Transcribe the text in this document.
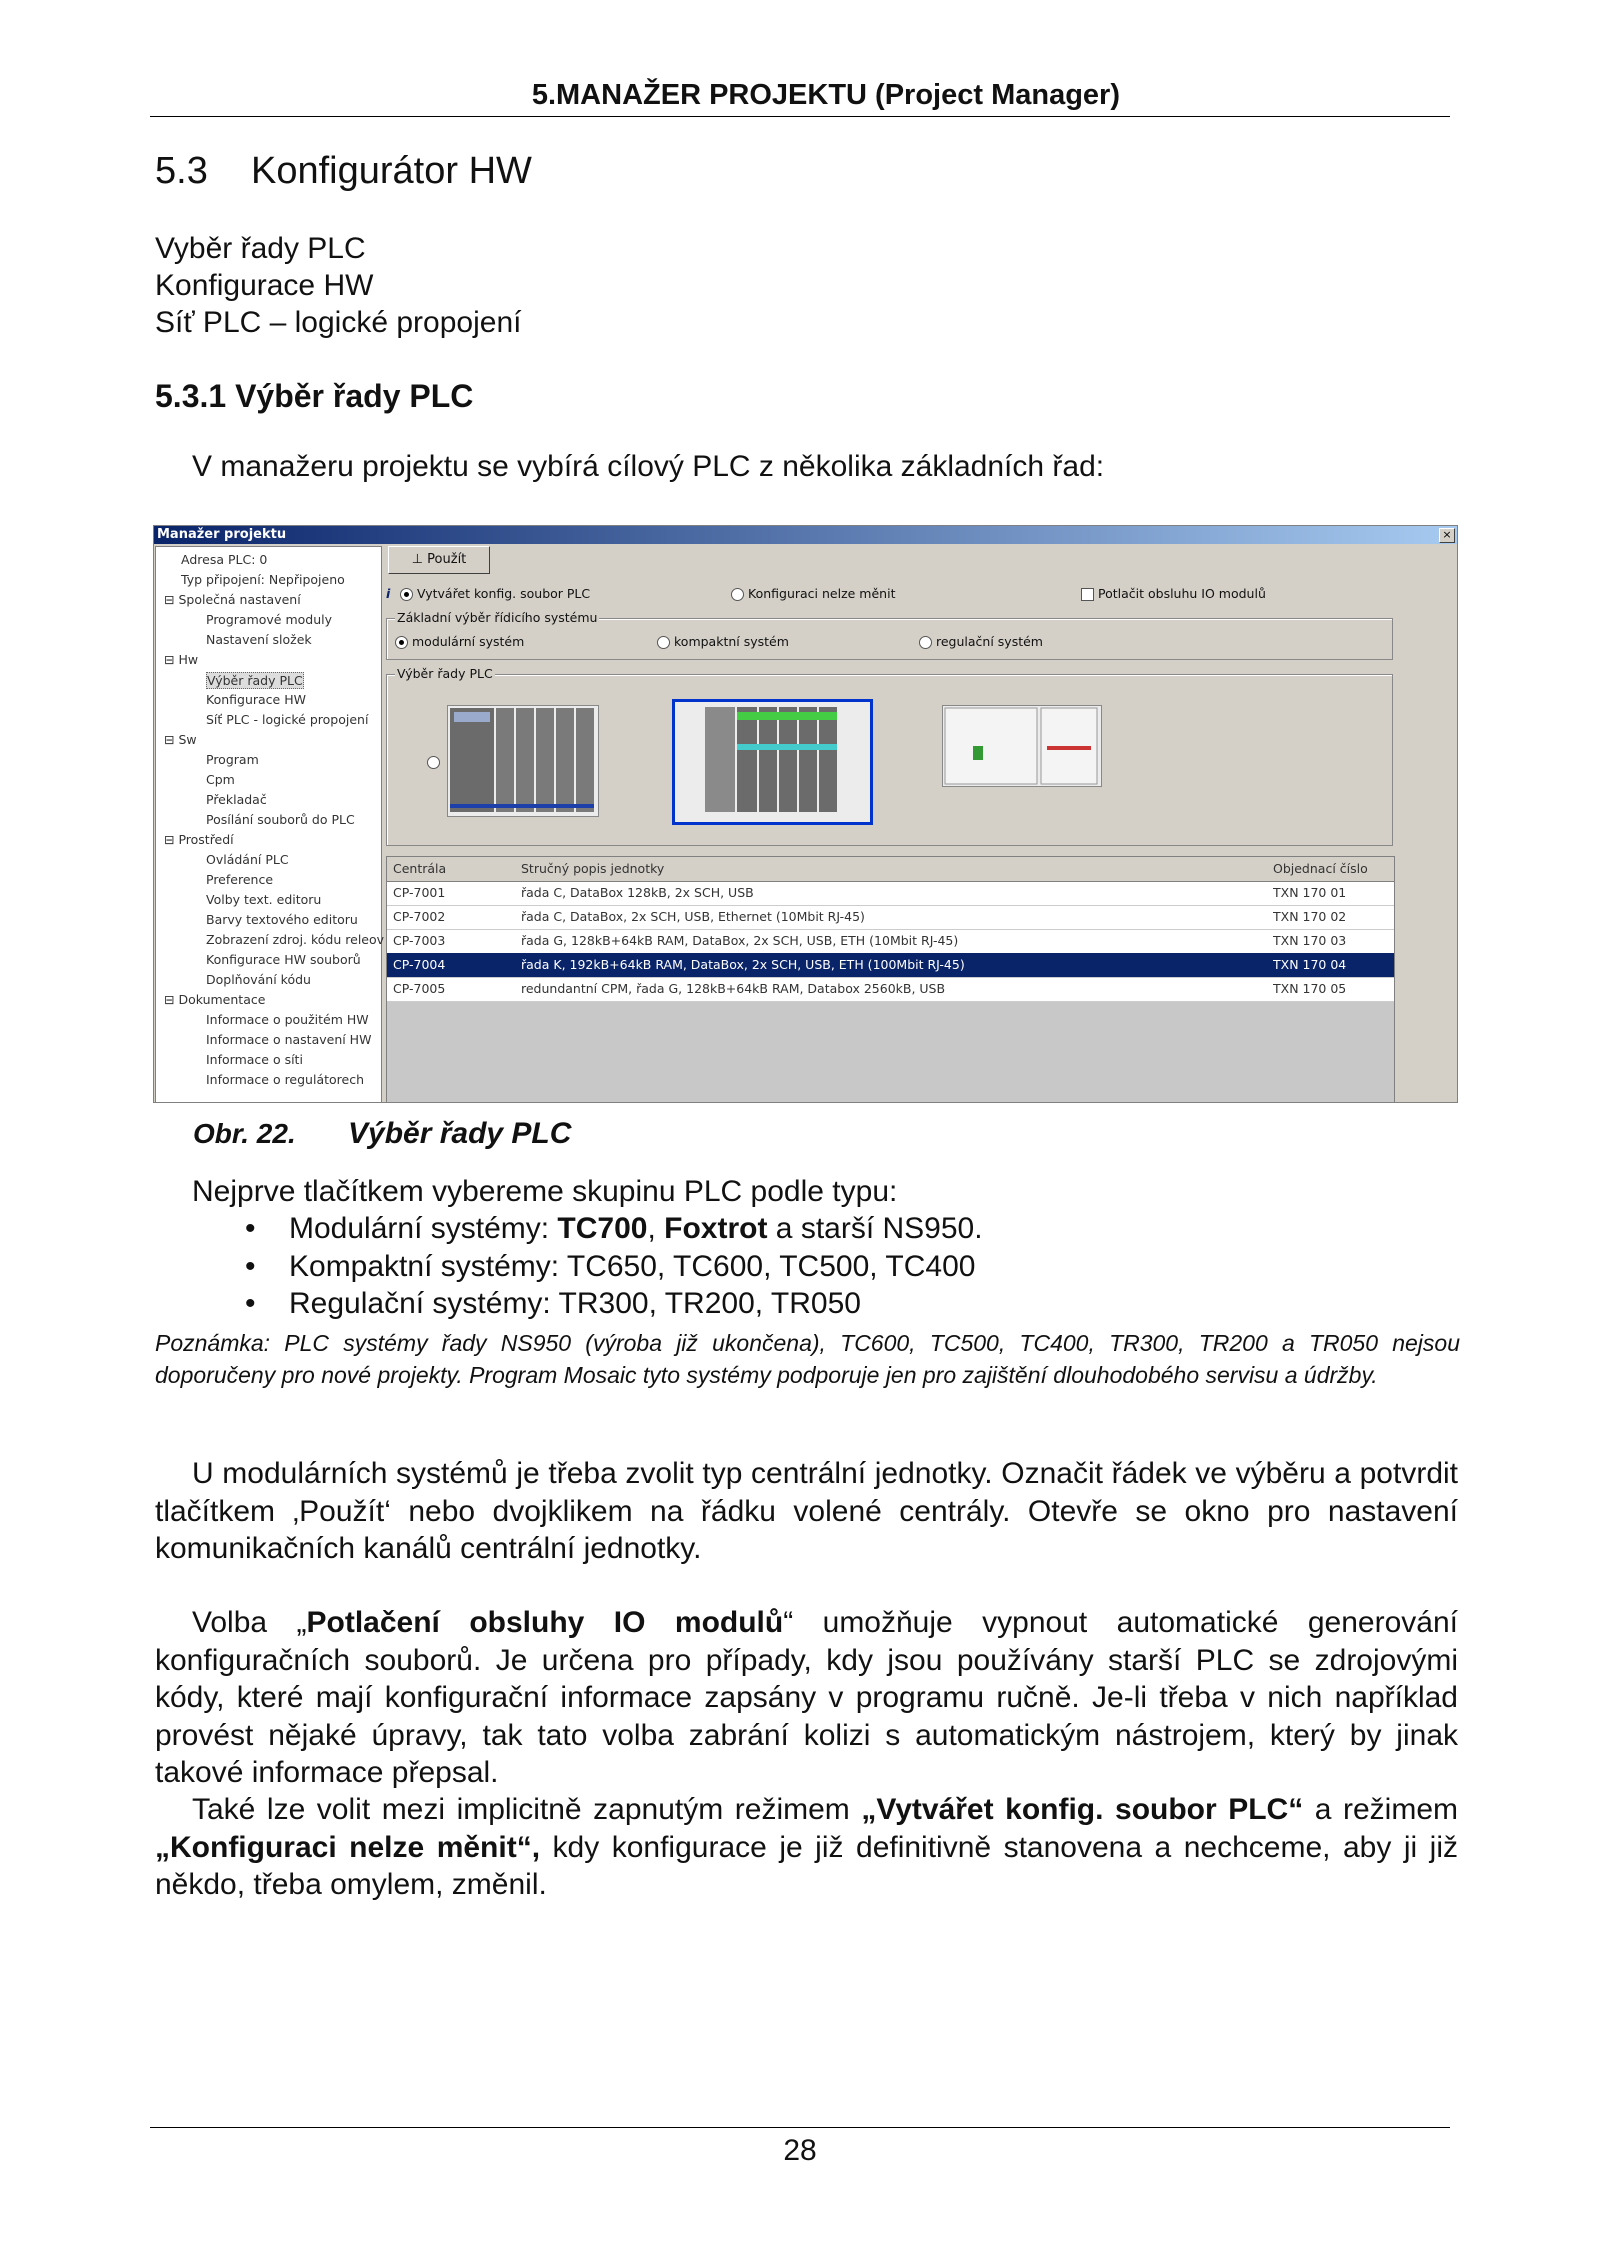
5.MANAŽER PROJEKTU (Project Manager)
5.3 Konfigurátor HW
Vyběr řady PLC
Konfigurace HW
Síť PLC – logické propojení
5.3.1 Výběr řady PLC
V manažeru projektu se vybírá cílový PLC z několika základních řad:
Manažer projektu	×
Adresa PLC: 0
Typ připojení: Nepřipojeno
⊟ Společná nastavení
Programové moduly
Nastavení složek
⊟ Hw
Výběr řady PLC
Konfigurace HW
Síť PLC - logické propojení
⊟ Sw
Program
Cpm
Překladač
Posílání souborů do PLC
⊟ Prostředí
Ovládání PLC
Preference
Volby text. editoru
Barvy textového editoru
Zobrazení zdroj. kódu releov
Konfigurace HW souborů
Doplňování kódu
⊟ Dokumentace
Informace o použitém HW
Informace o nastavení HW
Informace o síti
Informace o regulátorech
⊥ Použít
i	Vytvářet konfig. soubor PLC	Konfiguraci nelze měnit	Potlačit obsluhu IO modulů
Základní výběr řídicího systému
modulární systém	kompaktní systém	regulační systém
Výběr řady PLC

Centrála	Stručný popis jednotky	Objednací číslo
CP-7001	řada C, DataBox 128kB, 2x SCH, USB	TXN 170 01
CP-7002	řada C, DataBox, 2x SCH, USB, Ethernet (10Mbit RJ-45)	TXN 170 02
CP-7003	řada G, 128kB+64kB RAM, DataBox, 2x SCH, USB, ETH (10Mbit RJ-45)	TXN 170 03
CP-7004	řada K, 192kB+64kB RAM, DataBox, 2x SCH, USB, ETH (100Mbit RJ-45)	TXN 170 04
CP-7005	redundantní CPM, řada G, 128kB+64kB RAM, Databox 2560kB, USB	TXN 170 05
Obr. 22. Výběr řady PLC
Nejprve tlačítkem vybereme skupinu PLC podle typu:
• Modulární systémy: TC700, Foxtrot a starší NS950.
• Kompaktní systémy: TC650, TC600, TC500, TC400
• Regulační systémy: TR300, TR200, TR050
Poznámka: PLC systémy řady NS950 (výroba již ukončena), TC600, TC500, TC400, TR300, TR200 a TR050 nejsou doporučeny pro nové projekty. Program Mosaic tyto systémy podporuje jen pro zajištění dlouhodobého servisu a údržby.
U modulárních systémů je třeba zvolit typ centrální jednotky. Označit řádek ve výběru a potvrdit tlačítkem ‚Použít‘ nebo dvojklikem na řádku volené centrály. Otevře se okno pro nastavení komunikačních kanálů centrální jednotky.
Volba „Potlačení obsluhy IO modulů“ umožňuje vypnout automatické generování konfiguračních souborů. Je určena pro případy, kdy jsou používány starší PLC se zdrojovými kódy, které mají konfigurační informace zapsány v programu ručně. Je-li třeba v nich například provést nějaké úpravy, tak tato volba zabrání kolizi s automatickým nástrojem, který by jinak takové informace přepsal.
Také lze volit mezi implicitně zapnutým režimem „Vytvářet konfig. soubor PLC“ a režimem „Konfiguraci nelze měnit“, kdy konfigurace je již definitivně stanovena a nechceme, aby ji již někdo, třeba omylem, změnil.
28
